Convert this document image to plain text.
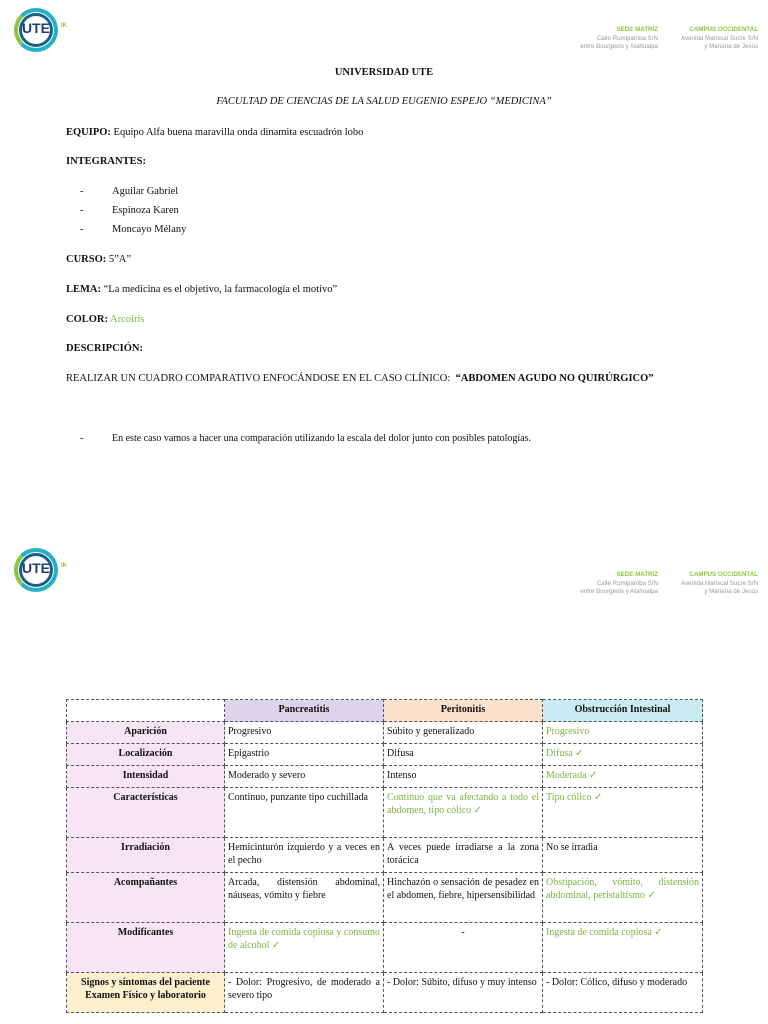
UTE	IK	SEDE MATRIZ
Calle Rumipamba S/N
entre Bourgeois y Atahualpa
CAMPUS OCCIDENTAL
Avenida Mariscal Sucre S/N
y Mariana de Jesús
UNIVERSIDAD UTE
FACULTAD DE CIENCIAS DE LA SALUD EUGENIO ESPEJO “MEDICINA”
EQUIPO: Equipo Alfa buena maravilla onda dinamita escuadrón lobo
INTEGRANTES:
-	Aguilar Gabriel
-	Espinoza Karen
-	Moncayo Mélany
CURSO: 5”A”
LEMA: “La medicina es el objetivo, la farmacología el motivo”
COLOR: Arcoiris
DESCRIPCIÓN:
REALIZAR UN CUADRO COMPARATIVO ENFOCÁNDOSE EN EL CASO CLÍNICO: “ABDOMEN AGUDO NO QUIRÚRGICO”
-	En este caso vamos a hacer una comparación utilizando la escala del dolor junto con posibles patologías.
UTE	IK
SEDE MATRIZ
Calle Rumipamba S/N
entre Bourgeois y Atahualpa
CAMPUS OCCIDENTAL
Avenida Mariscal Sucre S/N
y Mariana de Jesús
	Pancreatitis	Peritonitis	Obstrucción Intestinal
Aparición	Progresivo	Súbito y generalizado	Progresivo
Localización	Epigastrio	Difusa	Difusa ✓
Intensidad	Moderado y severo	Intenso	Moderada ✓
Características	Continuo, punzante tipo cuchillada	Continuo que va afectando a todo el abdomen, tipo cólico ✓	Tipo cólico ✓
Irradiación	Hemicinturón izquierdo y a veces en el pecho	A veces puede irradiarse a la zona torácica	No se irradia
Acompañantes	Arcada, distensión abdominal, náuseas, vómito y fiebre	Hinchazón o sensación de pesadez en el abdomen, fiebre, hipersensibilidad	Obstipación, vómito, distensión abdominal, peristaltismo ✓
Modificantes	Ingesta de comida copiosa y consumo de alcohol ✓	-	Ingesta de comida copiosa ✓
Signos y síntomas del paciente Examen Físico y laboratorio	- Dolor: Progresivo, de moderado a severo tipo	- Dolor: Súbito, difuso y muy intenso	- Dolor: Cólico, difuso y moderado
